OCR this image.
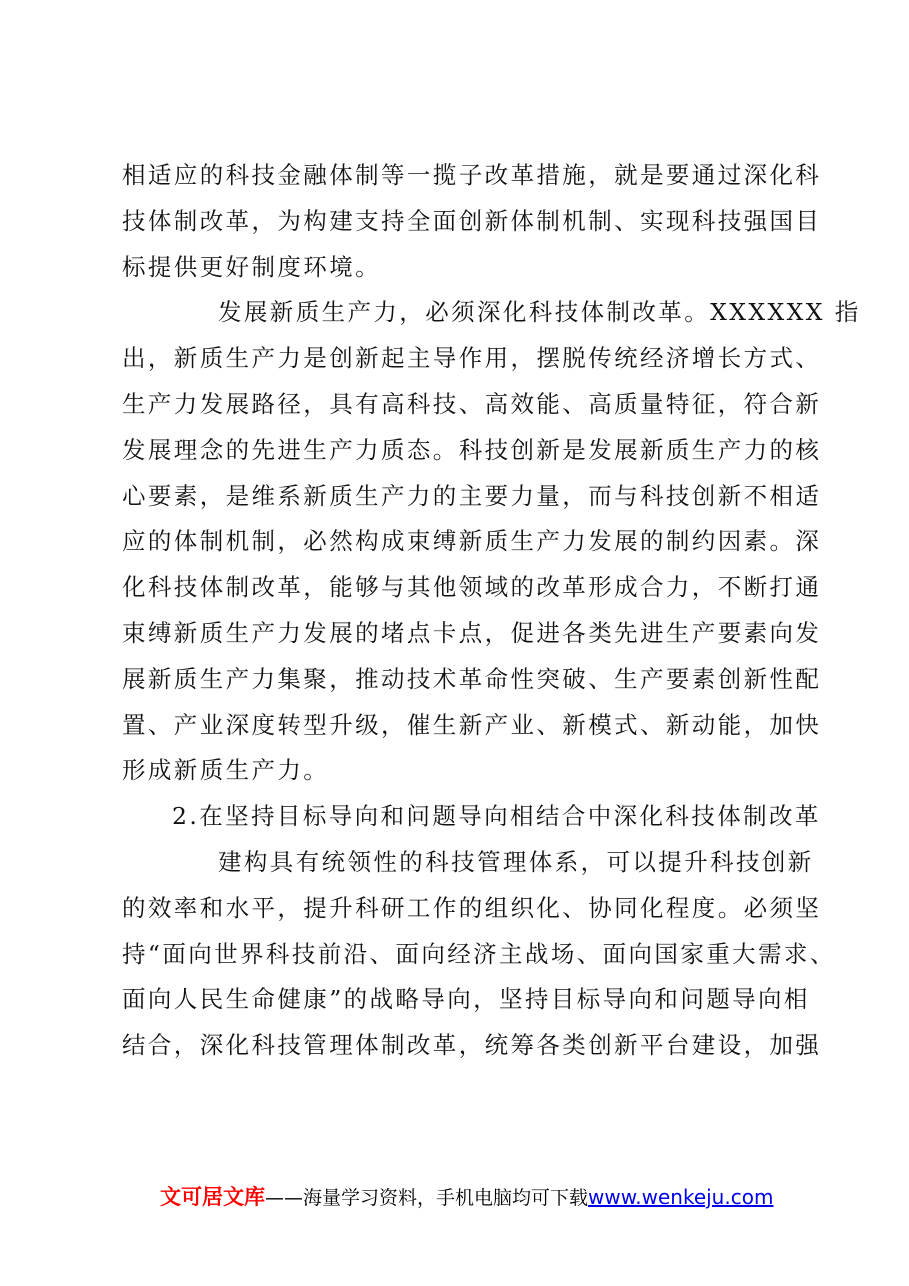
相适应的科技金融体制等一揽子改革措施，就是要通过深化科
技体制改革，为构建支持全面创新体制机制、实现科技强国目
标提供更好制度环境。
发展新质生产力，必须深化科技体制改革。XXXXXX 指
出，新质生产力是创新起主导作用，摆脱传统经济增长方式、
生产力发展路径，具有高科技、高效能、高质量特征，符合新
发展理念的先进生产力质态。科技创新是发展新质生产力的核
心要素，是维系新质生产力的主要力量，而与科技创新不相适
应的体制机制，必然构成束缚新质生产力发展的制约因素。深
化科技体制改革，能够与其他领域的改革形成合力，不断打通
束缚新质生产力发展的堵点卡点，促进各类先进生产要素向发
展新质生产力集聚，推动技术革命性突破、生产要素创新性配
置、产业深度转型升级，催生新产业、新模式、新动能，加快
形成新质生产力。
2.在坚持目标导向和问题导向相结合中深化科技体制改革
建构具有统领性的科技管理体系，可以提升科技创新
的效率和水平，提升科研工作的组织化、协同化程度。必须坚
持“面向世界科技前沿、面向经济主战场、面向国家重大需求、
面向人民生命健康”的战略导向，坚持目标导向和问题导向相
结合，深化科技管理体制改革，统筹各类创新平台建设，加强
文可居文库——海量学习资料，手机电脑均可下载www.wenkeju.com
